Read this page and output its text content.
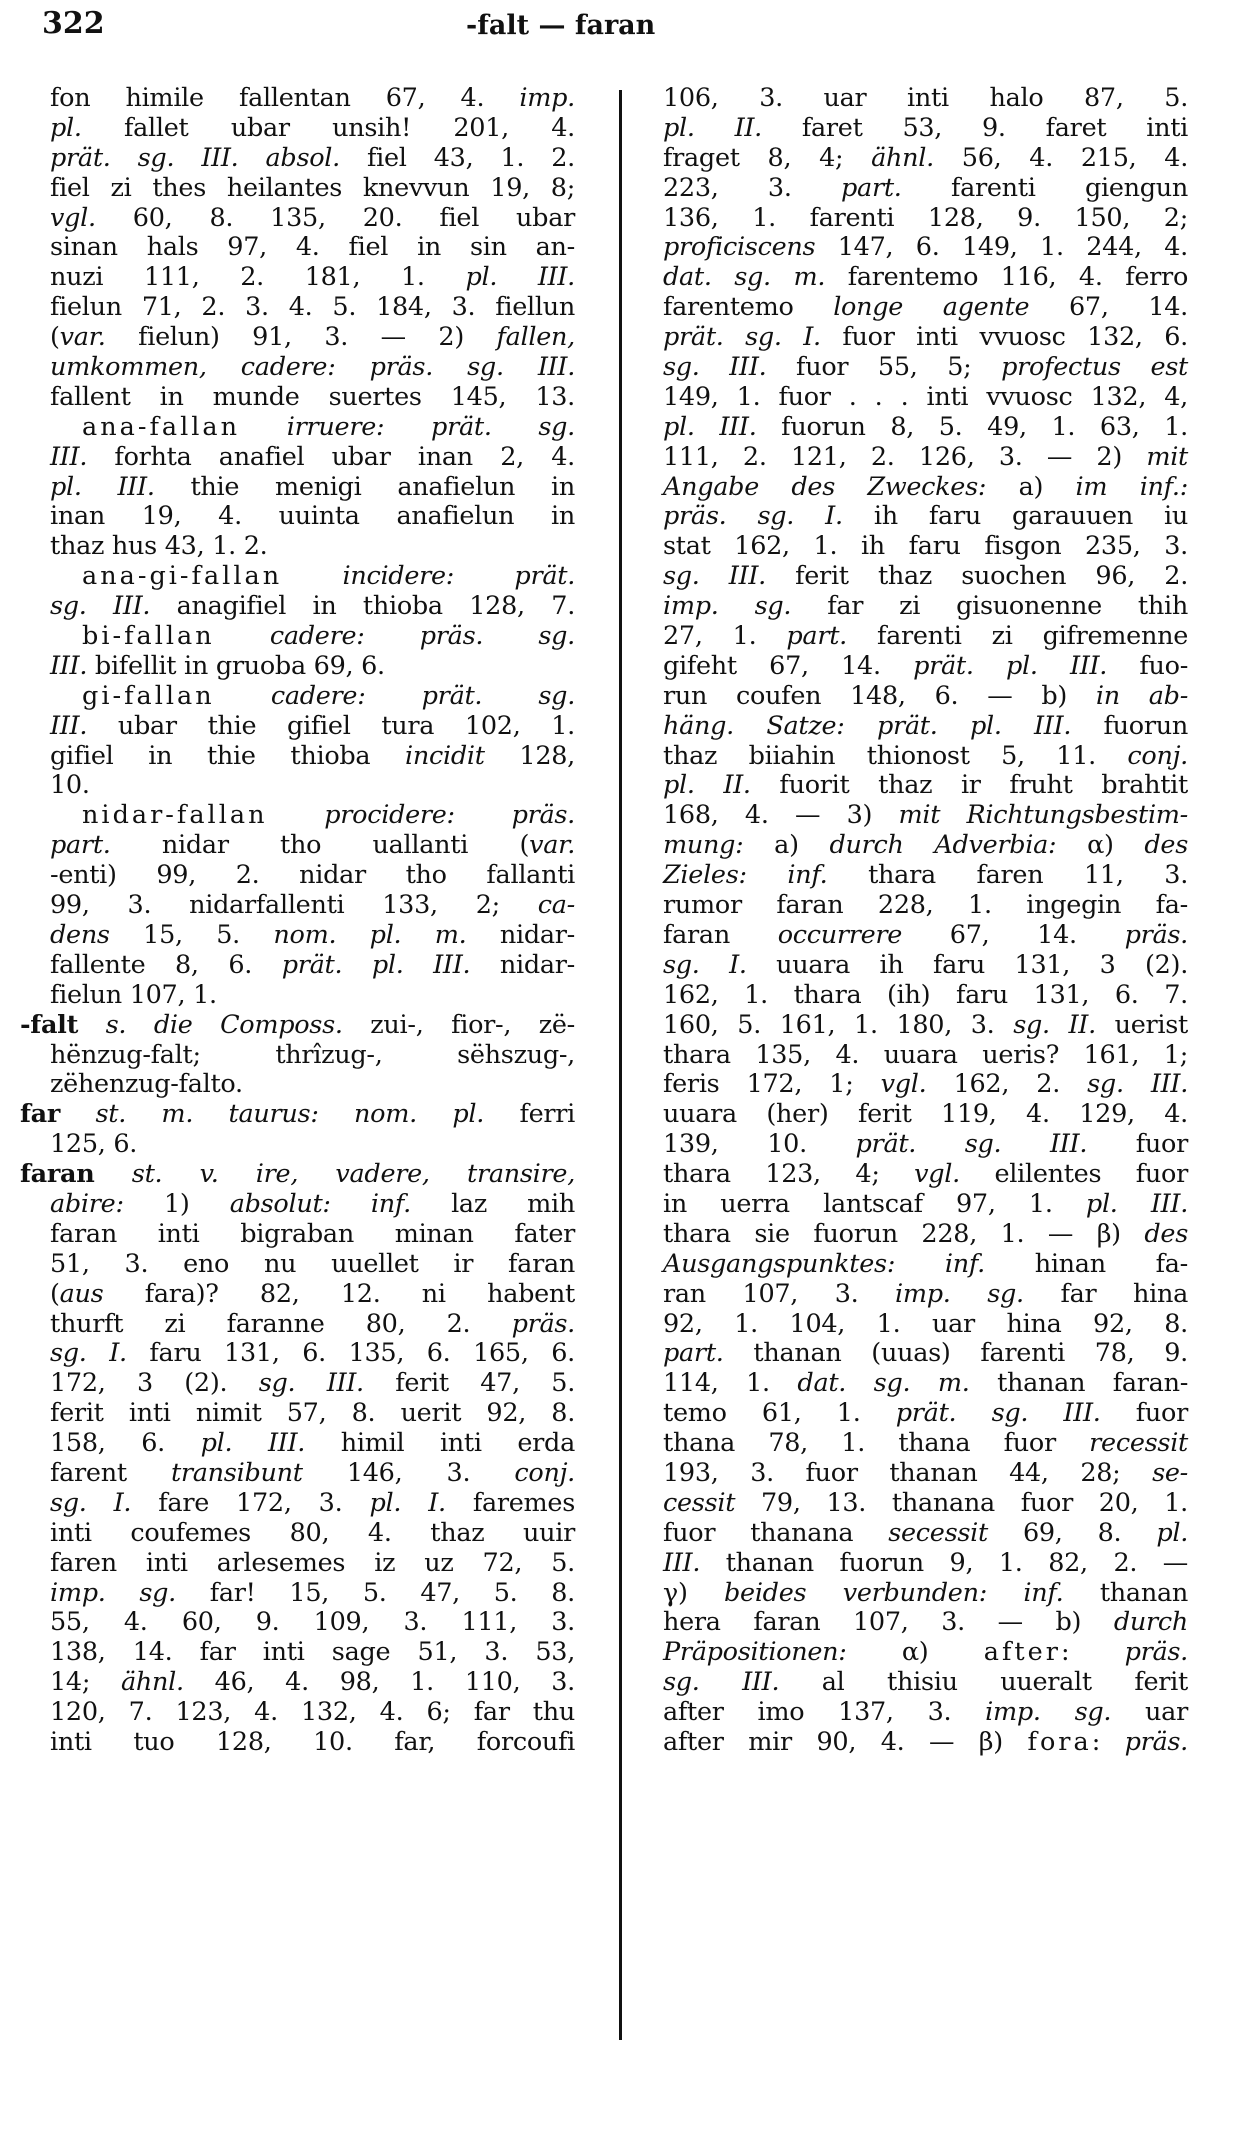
322	-falt — faran
fon himile fallentan 67, 4. imp.
pl. fallet ubar unsih! 201, 4.
prät. sg. III. absol. fiel 43, 1. 2.
fiel zi thes heilantes knevvun 19, 8;
vgl. 60, 8. 135, 20. fiel ubar
sinan hals 97, 4. fiel in sin an-
nuzi 111, 2. 181, 1. pl. III.
fielun 71, 2. 3. 4. 5. 184, 3. fiellun
(var. fielun) 91, 3. — 2) fallen,
umkommen, cadere: präs. sg. III.
fallent in munde suertes 145, 13.
ana-fallan irruere: prät. sg.
III. forhta anafiel ubar inan 2, 4.
pl. III. thie menigi anafielun in
inan 19, 4. uuinta anafielun in
thaz hus 43, 1. 2.
ana-gi-fallan incidere: prät.
sg. III. anagifiel in thioba 128, 7.
bi-fallan cadere: präs. sg.
III. bifellit in gruoba 69, 6.
gi-fallan cadere: prät. sg.
III. ubar thie gifiel tura 102, 1.
gifiel in thie thioba incidit 128,
10.
nidar-fallan procidere: präs.
part. nidar tho uallanti (var.
-enti) 99, 2. nidar tho fallanti
99, 3. nidarfallenti 133, 2; ca-
dens 15, 5. nom. pl. m. nidar-
fallente 8, 6. prät. pl. III. nidar-
fielun 107, 1.
-falt s. die Composs. zui-, fior-, zë-
hënzug-falt; thrîzug-, sëhszug-,
zëhenzug-falto.
far st. m. taurus: nom. pl. ferri
125, 6.
faran st. v. ire, vadere, transire,
abire: 1) absolut: inf. laz mih
faran inti bigraban minan fater
51, 3. eno nu uuellet ir faran
(aus fara)? 82, 12. ni habent
thurft zi faranne 80, 2. präs.
sg. I. faru 131, 6. 135, 6. 165, 6.
172, 3 (2). sg. III. ferit 47, 5.
ferit inti nimit 57, 8. uerit 92, 8.
158, 6. pl. III. himil inti erda
farent transibunt 146, 3. conj.
sg. I. fare 172, 3. pl. I. faremes
inti coufemes 80, 4. thaz uuir
faren inti arlesemes iz uz 72, 5.
imp. sg. far! 15, 5. 47, 5. 8.
55, 4. 60, 9. 109, 3. 111, 3.
138, 14. far inti sage 51, 3. 53,
14; ähnl. 46, 4. 98, 1. 110, 3.
120, 7. 123, 4. 132, 4. 6; far thu
inti tuo 128, 10. far, forcoufi
106, 3. uar inti halo 87, 5.
pl. II. faret 53, 9. faret inti
fraget 8, 4; ähnl. 56, 4. 215, 4.
223, 3. part. farenti giengun
136, 1. farenti 128, 9. 150, 2;
proficiscens 147, 6. 149, 1. 244, 4.
dat. sg. m. farentemo 116, 4. ferro
farentemo longe agente 67, 14.
prät. sg. I. fuor inti vvuosc 132, 6.
sg. III. fuor 55, 5; profectus est
149, 1. fuor . . . inti vvuosc 132, 4,
pl. III. fuorun 8, 5. 49, 1. 63, 1.
111, 2. 121, 2. 126, 3. — 2) mit
Angabe des Zweckes: a) im inf.:
präs. sg. I. ih faru garauuen iu
stat 162, 1. ih faru fisgon 235, 3.
sg. III. ferit thaz suochen 96, 2.
imp. sg. far zi gisuonenne thih
27, 1. part. farenti zi gifremenne
gifeht 67, 14. prät. pl. III. fuo-
run coufen 148, 6. — b) in ab-
häng. Satze: prät. pl. III. fuorun
thaz biiahin thionost 5, 11. conj.
pl. II. fuorit thaz ir fruht brahtit
168, 4. — 3) mit Richtungsbestim-
mung: a) durch Adverbia: α) des
Zieles: inf. thara faren 11, 3.
rumor faran 228, 1. ingegin fa-
faran occurrere 67, 14. präs.
sg. I. uuara ih faru 131, 3 (2).
162, 1. thara (ih) faru 131, 6. 7.
160, 5. 161, 1. 180, 3. sg. II. uerist
thara 135, 4. uuara ueris? 161, 1;
feris 172, 1; vgl. 162, 2. sg. III.
uuara (her) ferit 119, 4. 129, 4.
139, 10. prät. sg. III. fuor
thara 123, 4; vgl. elilentes fuor
in uerra lantscaf 97, 1. pl. III.
thara sie fuorun 228, 1. — β) des
Ausgangspunktes: inf. hinan fa-
ran 107, 3. imp. sg. far hina
92, 1. 104, 1. uar hina 92, 8.
part. thanan (uuas) farenti 78, 9.
114, 1. dat. sg. m. thanan faran-
temo 61, 1. prät. sg. III. fuor
thana 78, 1. thana fuor recessit
193, 3. fuor thanan 44, 28; se-
cessit 79, 13. thanana fuor 20, 1.
fuor thanana secessit 69, 8. pl.
III. thanan fuorun 9, 1. 82, 2. —
γ) beides verbunden: inf. thanan
hera faran 107, 3. — b) durch
Präpositionen: α) after: präs.
sg. III. al thisiu uueralt ferit
after imo 137, 3. imp. sg. uar
after mir 90, 4. — β) fora: präs.
